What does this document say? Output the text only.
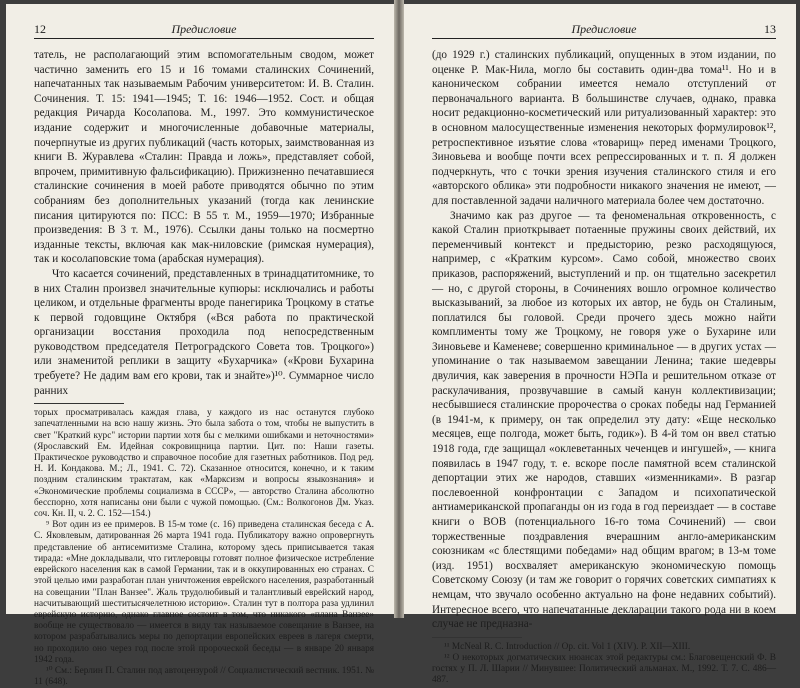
12	Предисловие

татель, не располагающий этим вспомогательным сводом, может частично заменить его 15 и 16 томами сталинских Сочинений, напечатанных так называемым Рабочим университетом: И. В. Сталин. Сочинения. Т. 15: 1941—1945; Т. 16: 1946—1952. Сост. и общая редакция Ричарда Косолапова. М., 1997. Это коммунистическое издание содержит и многочисленные добавочные материалы, почерпнутые из других публикаций (часть которых, заимствованная из книги В. Журавлева «Сталин: Правда и ложь», представляет собой, впрочем, примитивную фальсификацию). Прижизненно печатавшиеся сталинские сочинения в моей работе приводятся обычно по этим собраниям без дополнительных указаний (тогда как ленинские писания цитируются по: ПСС: В 55 т. М., 1959—1970; Избранные произведения: В 3 т. М., 1976). Ссылки даны только на посмертно изданные тексты, включая как мак-ниловские (римская нумерация), так и косолаповские тома (арабская нумерация).

Что касается сочинений, представленных в тринадцатитомнике, то в них Сталин произвел значительные купюры: исключались и работы целиком, и отдельные фрагменты вроде панегирика Троцкому в статье к первой годовщине Октября («Вся работа по практической организации восстания проходила под непосредственным руководством председателя Петроградского Совета тов. Троцкого») или знаменитой реплики в защиту «Бухарчика» («Крови Бухарина требуете? Не дадим вам его крови, так и знайте»)¹⁰. Суммарное число ранних

торых просматривалась каждая глава, у каждого из нас останутся глубоко запечатленными на всю нашу жизнь. Это была забота о том, чтобы не выпустить в свет "Краткий курс" истории партии хотя бы с мелкими ошибками и неточностями» (Ярославский Ем. Идейная сокровищница партии. Цит. по: Наши газеты. Практическое руководство и справочное пособие для газетных работников. Под ред. Н. И. Кондакова. М.; Л., 1941. С. 72). Сказанное относится, конечно, и к таким поздним сталинским трактатам, как «Марксизм и вопросы языкознания» и «Экономические проблемы социализма в СССР», — авторство Сталина абсолютно бесспорно, хотя написаны они были с чужой помощью. (См.: Волкогонов Дм. Указ. соч. Кн. II, ч. 2. С. 152—154.)

⁹ Вот один из ее примеров. В 15-м томе (с. 16) приведена сталинская беседа с А. С. Яковлевым, датированная 26 марта 1941 года. Публикатору важно опровергнуть представление об антисемитизме Сталина, которому здесь приписывается такая тирада: «Мне докладывали, что гитлеровцы готовят полное физическое истребление еврейского населения как в самой Германии, так и в оккупированных ею странах. С этой целью ими разработан план уничтожения еврейского населения, разработанный на совещании "План Ванзее". Жаль трудолюбивый и талантливый еврейский народ, насчитывающий шеститысячелетнюю историю». Сталин тут в полтора раза удлинил еврейскую историю, однако главное состоит в том, что никакого «плана Ванзее» вообще не существовало — имеется в виду так называемое совещание в Ванзее, на котором разрабатывались меры по депортации европейских евреев в лагеря смерти, но проходило оно через год после этой пророческой беседы — в январе 20 января 1942 года.

¹⁰ См.: Берлин П. Сталин под автоцензурой // Социалистический вестник. 1951. № 11 (648).

Предисловие	13

(до 1929 г.) сталинских публикаций, опущенных в этом издании, по оценке Р. Мак-Нила, могло бы составить один-два тома¹¹. Но и в каноническом собрании имеется немало отступлений от первоначального варианта. В большинстве случаев, однако, правка носит редакционно-косметический или ритуализованный характер: это в основном малосущественные изменения некоторых формулировок¹², ретроспективное изъятие слова «товарищ» перед именами Троцкого, Зиновьева и вообще почти всех репрессированных и т. п. Я должен подчеркнуть, что с точки зрения изучения сталинского стиля и его «авторского облика» эти подробности никакого значения не имеют, — для поставленной задачи наличного материала более чем достаточно.

Значимо как раз другое — та феноменальная откровенность, с какой Сталин приоткрывает потаенные пружины своих действий, их переменчивый контекст и предысторию, резко расходящуюся, например, с «Кратким курсом». Само собой, множество своих приказов, распоряжений, выступлений и пр. он тщательно засекретил — но, с другой стороны, в Сочинениях вошло огромное количество высказываний, за любое из которых их автор, не будь он Сталиным, поплатился бы головой. Среди прочего здесь можно найти комплименты тому же Троцкому, не говоря уже о Бухарине или Зиновьеве и Каменеве; совершенно криминальное — в других устах — упоминание о так называемом завещании Ленина; такие шедевры двуличия, как заверения в прочности НЭПа и решительном отказе от раскулачивания, прозвучавшие в самый канун коллективизации; несбывшиеся сталинские пророчества о сроках победы над Германией (в 1941-м, к примеру, он так определил эту дату: «Еще несколько месяцев, еще полгода, может быть, годик»). В 4-й том он ввел статью 1918 года, где защищал «оклеветанных чеченцев и ингушей», — книга появилась в 1947 году, т. е. вскоре после памятной всем сталинской депортации этих же народов, ставших «изменниками». В разгар послевоенной конфронтации с Западом и психопатической антиамериканской пропаганды он из года в год переиздает — в составе книги о ВОВ (потенциального 16-го тома Сочинений) — свои торжественные поздравления вчерашним англо-американским союзникам «с блестящими победами» над общим врагом; в 13-м томе (изд. 1951) восхваляет американскую экономическую помощь Советскому Союзу (и там же говорит о горячих советских симпатиях к немцам, что звучало особенно актуально на фоне недавних событий). Интересное всего, что напечатанные декларации такого рода ни в коем случае не предназна-

¹¹ McNeal R. C. Introduction // Op. cit. Vol 1 (XIV). P. XII—XIII.

¹² О некоторых догматических нюансах этой редактуры см.: Благовещенский Ф. В гостях у П. Л. Шарии // Минувшее: Политический альманах. М., 1992. Т. 7. С. 486—487.
